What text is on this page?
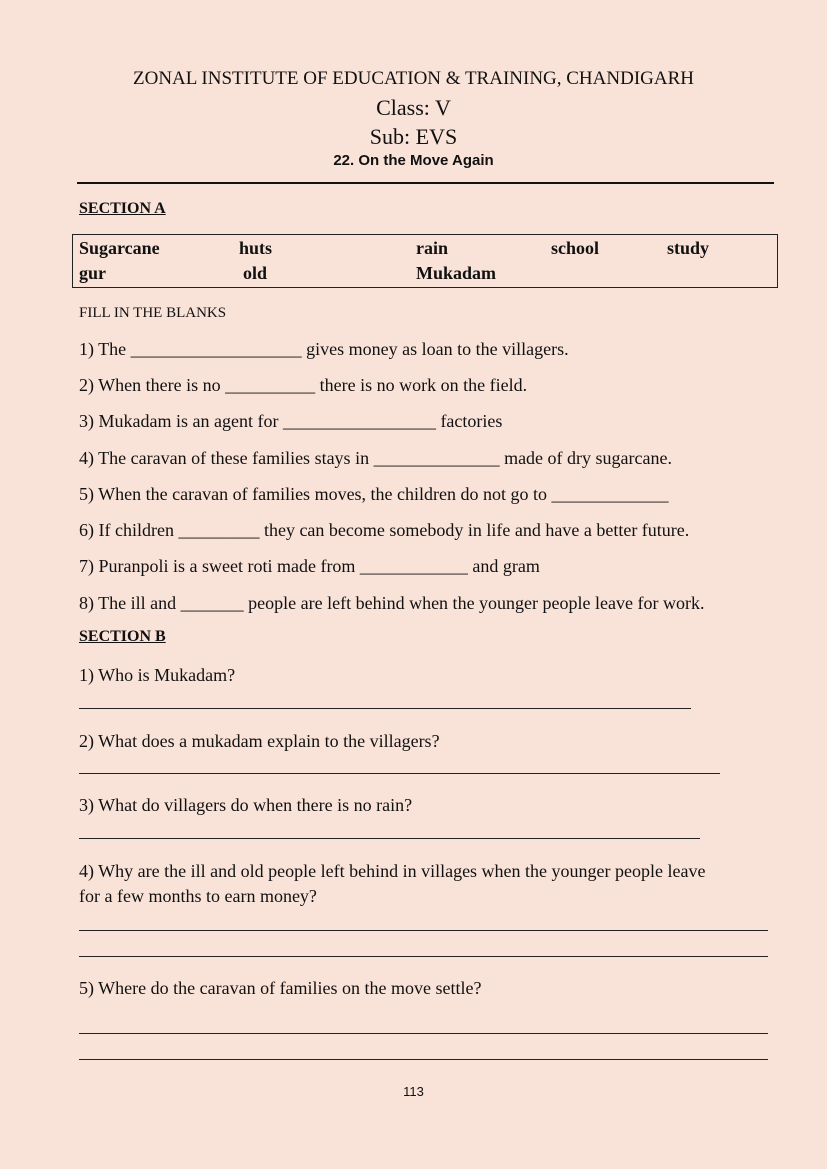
ZONAL INSTITUTE OF EDUCATION & TRAINING, CHANDIGARH
Class: V
Sub: EVS
22. On the Move Again
SECTION A
Sugarcane	huts	rain	school	study
gur	old	Mukadam
FILL IN THE BLANKS
1) The ___________________ gives money as loan to the villagers.
2) When there is no __________ there is no work on the field.
3) Mukadam is an agent for _________________ factories
4) The caravan of these families stays in ______________ made of dry sugarcane.
5) When the caravan of families moves, the children do not go to _____________
6) If children _________ they can become somebody in life and have a better future.
7) Puranpoli is a sweet roti made from ____________ and gram
8) The ill and _______ people are left behind when the younger people leave for work.
SECTION B
1) Who is Mukadam?
2) What does a mukadam explain to the villagers?
3) What do villagers do when there is no rain?
4) Why are the ill and old people left behind in villages when the younger people leave
for a few months to earn money?
5) Where do the caravan of families on the move settle?
113
